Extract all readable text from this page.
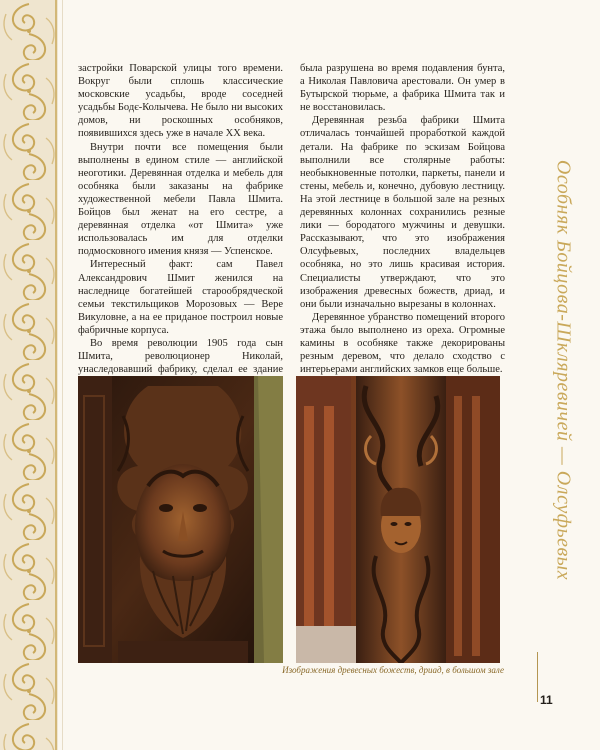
застройки Поварской улицы того времени. Вокруг были сплошь классические московские усадьбы, вроде соседней усадьбы Бодє-Колычева. Не было ни высоких домов, ни роскошных особняков, появившихся здесь уже в начале XX века.

Внутри почти все помещения были выполнены в едином стиле — английской неоготики. Деревянная отделка и мебель для особняка были заказаны на фабрике художественной мебели Павла Шмита. Бойцов был женат на его сестре, а деревянная отделка «от Шмита» уже использовалась им для отделки подмосковного имения князя — Успенское.

Интересный факт: сам Павел Александрович Шмит женился на наследнице богатейшей старообрядческой семьи текстильщиков Морозовых — Вере Викуловне, а на ее приданое построил новые фабричные корпуса.

Во время революции 1905 года сын Шмита, революционер Николай, унаследовавший фабрику, сделал ее здание

была разрушена во время подавления бунта, а Николая Павловича арестовали. Он умер в Бутырской тюрьме, а фабрика Шмита так и не восстановилась.

Деревянная резьба фабрики Шмита отличалась тончайшей проработкой каждой детали. На фабрике по эскизам Бойцова выполнили все столярные работы: необыкновенные потолки, паркеты, панели и стены, мебель и, конечно, дубовую лестницу. На этой лестнице в большой зале на резных деревянных колоннах сохранились резные лики — бородатого мужчины и девушки. Рассказывают, что это изображения Олсуфьевых, последних владельцев особняка, но это лишь красивая история. Специалисты утверждают, что это изображения древесных божеств, дриад, и они были изначально вырезаны в колоннах.

Деревянное убранство помещений второго этажа было выполнено из ореха. Огромные камины в особняке также декорированы резным деревом, что делало сходство с интерьерами английских замков еще больше.

Изображения древесных божеств, дриад, в большом зале
Особняк Бойцова-Шкляревичей — Олсуфьевых
11
